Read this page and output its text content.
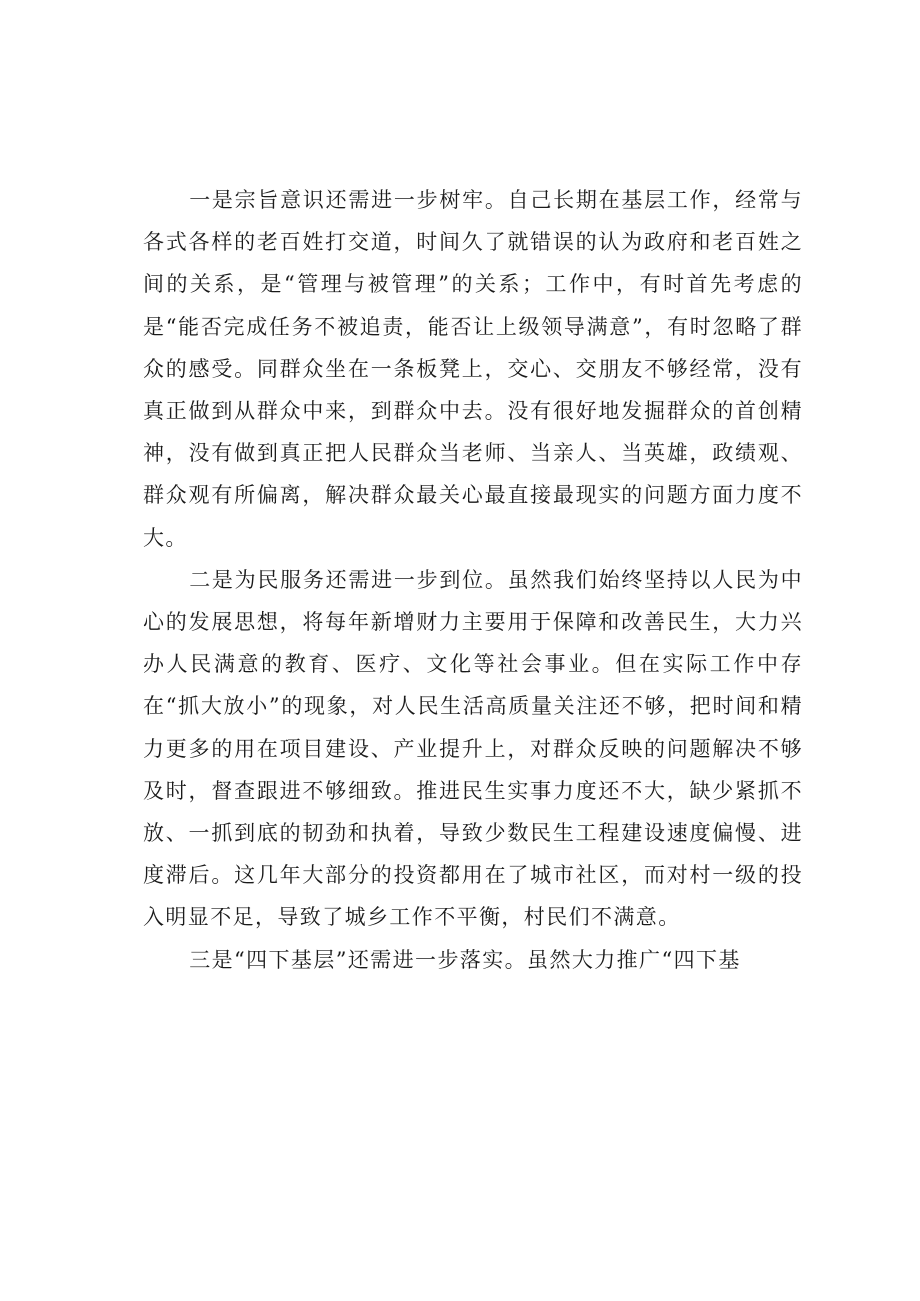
一是宗旨意识还需进一步树牢。自己长期在基层工作，经常与各式各样的老百姓打交道，时间久了就错误的认为政府和老百姓之间的关系，是“管理与被管理”的关系；工作中，有时首先考虑的是“能否完成任务不被追责，能否让上级领导满意”，有时忽略了群众的感受。同群众坐在一条板凳上，交心、交朋友不够经常，没有真正做到从群众中来，到群众中去。没有很好地发掘群众的首创精神，没有做到真正把人民群众当老师、当亲人、当英雄，政绩观、群众观有所偏离，解决群众最关心最直接最现实的问题方面力度不大。

二是为民服务还需进一步到位。虽然我们始终坚持以人民为中心的发展思想，将每年新增财力主要用于保障和改善民生，大力兴办人民满意的教育、医疗、文化等社会事业。但在实际工作中存在“抓大放小”的现象，对人民生活高质量关注还不够，把时间和精力更多的用在项目建设、产业提升上，对群众反映的问题解决不够及时，督查跟进不够细致。推进民生实事力度还不大，缺少紧抓不放、一抓到底的韧劲和执着，导致少数民生工程建设速度偏慢、进度滞后。这几年大部分的投资都用在了城市社区，而对村一级的投入明显不足，导致了城乡工作不平衡，村民们不满意。

三是“四下基层”还需进一步落实。虽然大力推广“四下基
